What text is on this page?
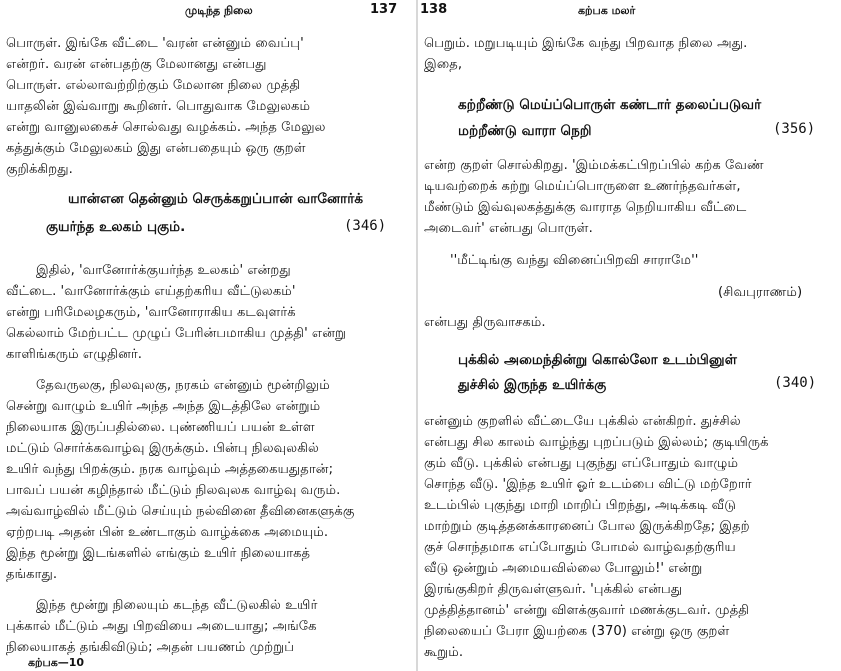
முடிந்த நிலை	137
பொருள். இங்கே வீட்டை 'வரன் என்னும் வைப்பு'
என்றர். வரன் என்பதற்கு மேலானது என்பது
பொருள். எல்லாவற்றிற்கும் மேலான நிலை முத்தி
யாதலின் இவ்வாறு கூறினர். பொதுவாக மேலுலகம்
என்று வானுலகைச் சொல்வது வழக்கம். அந்த மேலுல
கத்துக்கும் மேலுலகம் இது என்பதையும் ஒரு குறள்
குறிக்கிறது.
யான்என தென்னும் செருக்கறுப்பான் வானோர்க்
குயர்ந்த உலகம் புகும்.	(346)
இதில், 'வானோர்க்குயர்ந்த உலகம்' என்றது
வீட்டை. 'வானோர்க்கும் எய்தற்கரிய வீட்டுலகம்'
என்று பரிமேலழகரும், 'வானோராகிய கடவுளர்க்
கெல்லாம் மேற்பட்ட முழுப் பேரின்பமாகிய முத்தி' என்று
காளிங்கரும் எழுதினர்.
தேவருலகு, நிலவுலகு, நரகம் என்னும் மூன்றிலும்
சென்று வாழும் உயிர் அந்த அந்த இடத்திலே என்றும்
நிலையாக இருப்பதில்லை. புண்ணியப் பயன் உள்ள
மட்டும் சொர்க்கவாழ்வு இருக்கும். பின்பு நிலவுலகில்
உயிர் வந்து பிறக்கும். நரக வாழ்வும் அத்தகையதுதான்;
பாவப் பயன் கழிந்தால் மீட்டும் நிலவுலக வாழ்வு வரும்.
அவ்வாழ்வில் மீட்டும் செய்யும் நல்வினை தீவினைகளுக்கு
ஏற்றபடி அதன் பின் உண்டாகும் வாழ்க்கை அமையும்.
இந்த மூன்று இடங்களில் எங்கும் உயிர் நிலையாகத்
தங்காது.
இந்த மூன்று நிலையும் கடந்த வீட்டுலகில் உயிர்
புக்கால் மீட்டும் அது பிறவியை அடையாது; அங்கே
நிலையாகத் தங்கிவிடும்; அதன் பயணம் முற்றுப்
கற்பக—10
138	கற்பக மலர்
பெறும். மறுபடியும் இங்கே வந்து பிறவாத நிலை அது.
இதை,
கற்றீண்டு மெய்ப்பொருள் கண்டார் தலைப்படுவர்
மற்றீண்டு வாரா நெறி	(356)
என்ற குறள் சொல்கிறது. 'இம்மக்கட்பிறப்பில் கற்க வேண்
டியவற்றைக் கற்று மெய்ப்பொருளை உணர்ந்தவர்கள்,
மீண்டும் இவ்வுலகத்துக்கு வாராத நெறியாகிய வீட்டை
அடைவர்' என்பது பொருள்.
''மீட்டிங்கு வந்து வினைப்பிறவி சாராமே''
(சிவபுராணம்)
என்பது திருவாசகம்.
புக்கில் அமைந்தின்று கொல்லோ உடம்பினுள்
துச்சில் இருந்த உயிர்க்கு	(340)
என்னும் குறளில் வீட்டையே புக்கில் என்கிறர். துச்சில்
என்பது சில காலம் வாழ்ந்து புறப்படும் இல்லம்; குடியிருக்
கும் வீடு. புக்கில் என்பது புகுந்து எப்போதும் வாழும்
சொந்த வீடு. 'இந்த உயிர் ஓர் உடம்பை விட்டு மற்றோர்
உடம்பில் புகுந்து மாறி மாறிப் பிறந்து, அடிக்கடி வீடு
மாற்றும் குடித்தனக்காரனைப் போல இருக்கிறதே; இதற்
குச் சொந்தமாக எப்போதும் போமல் வாழ்வதற்குரிய
வீடு ஒன்றும் அமையவில்லை போலும்!' என்று
இரங்குகிறர் திருவள்ளுவர். 'புக்கில் என்பது
முத்தித்தானம்' என்று விளக்குவார் மணக்குடவர். முத்தி
நிலையைப் பேரா இயற்கை (370) என்று ஒரு குறள்
கூறும்.
